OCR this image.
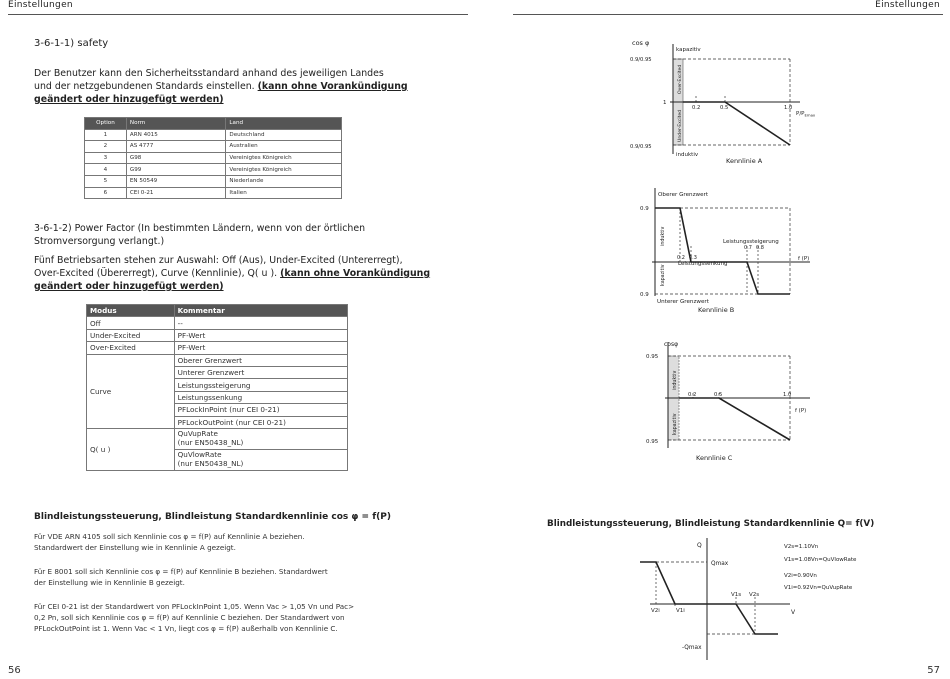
Einstellungen
3-6-1-1) safety
Der Benutzer kann den Sicherheitsstandard anhand des jeweiligen Landes
und der netzgebundenen Standards einstellen. (kann ohne Vorankündigung
geändert oder hinzugefügt werden)
Option	Norm	Land
1	ARN 4015	Deutschland
2	AS 4777	Australien
3	G98	Vereinigtes Königreich
4	G99	Vereinigtes Königreich
5	EN 50549	Niederlande
6	CEI 0-21	Italien
3-6-1-2) Power Factor (In bestimmten Ländern, wenn von der örtlichen
Stromversorgung verlangt.)
Fünf Betriebsarten stehen zur Auswahl: Off (Aus), Under-Excited (Untererregt),
Over-Excited (Übererregt), Curve (Kennlinie), Q( u ). (kann ohne Vorankündigung
geändert oder hinzugefügt werden)
Modus	Kommentar
Off	--
Under-Excited	PF-Wert
Over-Excited	PF-Wert
Curve	Oberer Grenzwert
	Unterer Grenzwert
	Leistungssteigerung
	Leistungssenkung
	PFLockInPoint (nur CEI 0-21)
	PFLockOutPoint (nur CEI 0-21)
Q( u )	QuVupRate
(nur EN50438_NL)

	QuVlowRate
(nur EN50438_NL)
Blindleistungssteuerung, Blindleistung Standardkennlinie cos φ = f(P)
Für VDE ARN 4105 soll sich Kennlinie cos φ = f(P) auf Kennlinie A beziehen.
Standardwert der Einstellung wie in Kennlinie A gezeigt.
Für E 8001 soll sich Kennlinie cos φ = f(P) auf Kennlinie B beziehen. Standardwert
der Einstellung wie in Kennlinie B gezeigt.
Für CEI 0-21 ist der Standardwert von PFLockInPoint 1,05. Wenn Vac > 1,05 Vn und Pac>
0,2 Pn, soll sich Kennlinie cos φ = f(P) auf Kennlinie C beziehen. Der Standardwert von
PFLockOutPoint ist 1. Wenn Vac < 1 Vn, liegt cos φ = f(P) außerhalb von Kennlinie C.
56
Einstellungen
cos φ
kapazitiv
induktiv
0.9/0.95
1
0.9/0.95
Over-Excited
Under-Excited
0.2	0.5	1.0
$P/P_{Emax}$
Kennlinie A
Oberer Grenzwert
Unterer Grenzwert
0.9
0.9
induktiv
kapazitiv
Leistungssteigerung
0.7 0.8
0.2 0.3
Leistungssenkung
f (P)
Kennlinie B
cosφ
0.95
0.95
induktiv
kapazitiv
0.2	0.5	1.0
f (P)
Kennlinie C
Blindleistungssteuerung, Blindleistung Standardkennlinie Q= f(V)
Q
V
Qmax
-Qmax
V2i	V1i
V1s V2s
V2s=1.10Vn
V1s=1.08Vn=QuVlowRate
V2i=0.90Vn
V1i=0.92Vn=QuVupRate
57
